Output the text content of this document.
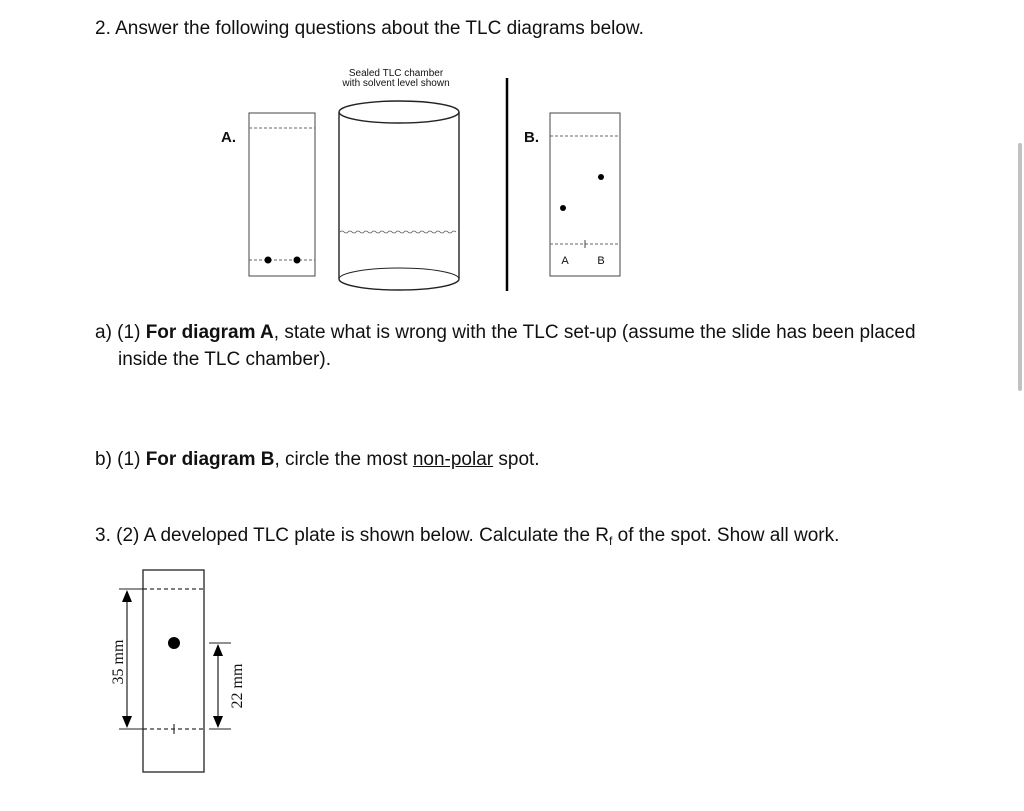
2. Answer the following questions about the TLC diagrams below.
Sealed TLC chamber
with solvent level shown
A.	B.
A	B
35 mm
22 mm
a) (1) For diagram A, state what is wrong with the TLC set-up (assume the slide has been placed
inside the TLC chamber).
b) (1) For diagram B, circle the most non-polar spot.
3. (2) A developed TLC plate is shown below. Calculate the $R_f$ of the spot. Show all work.
